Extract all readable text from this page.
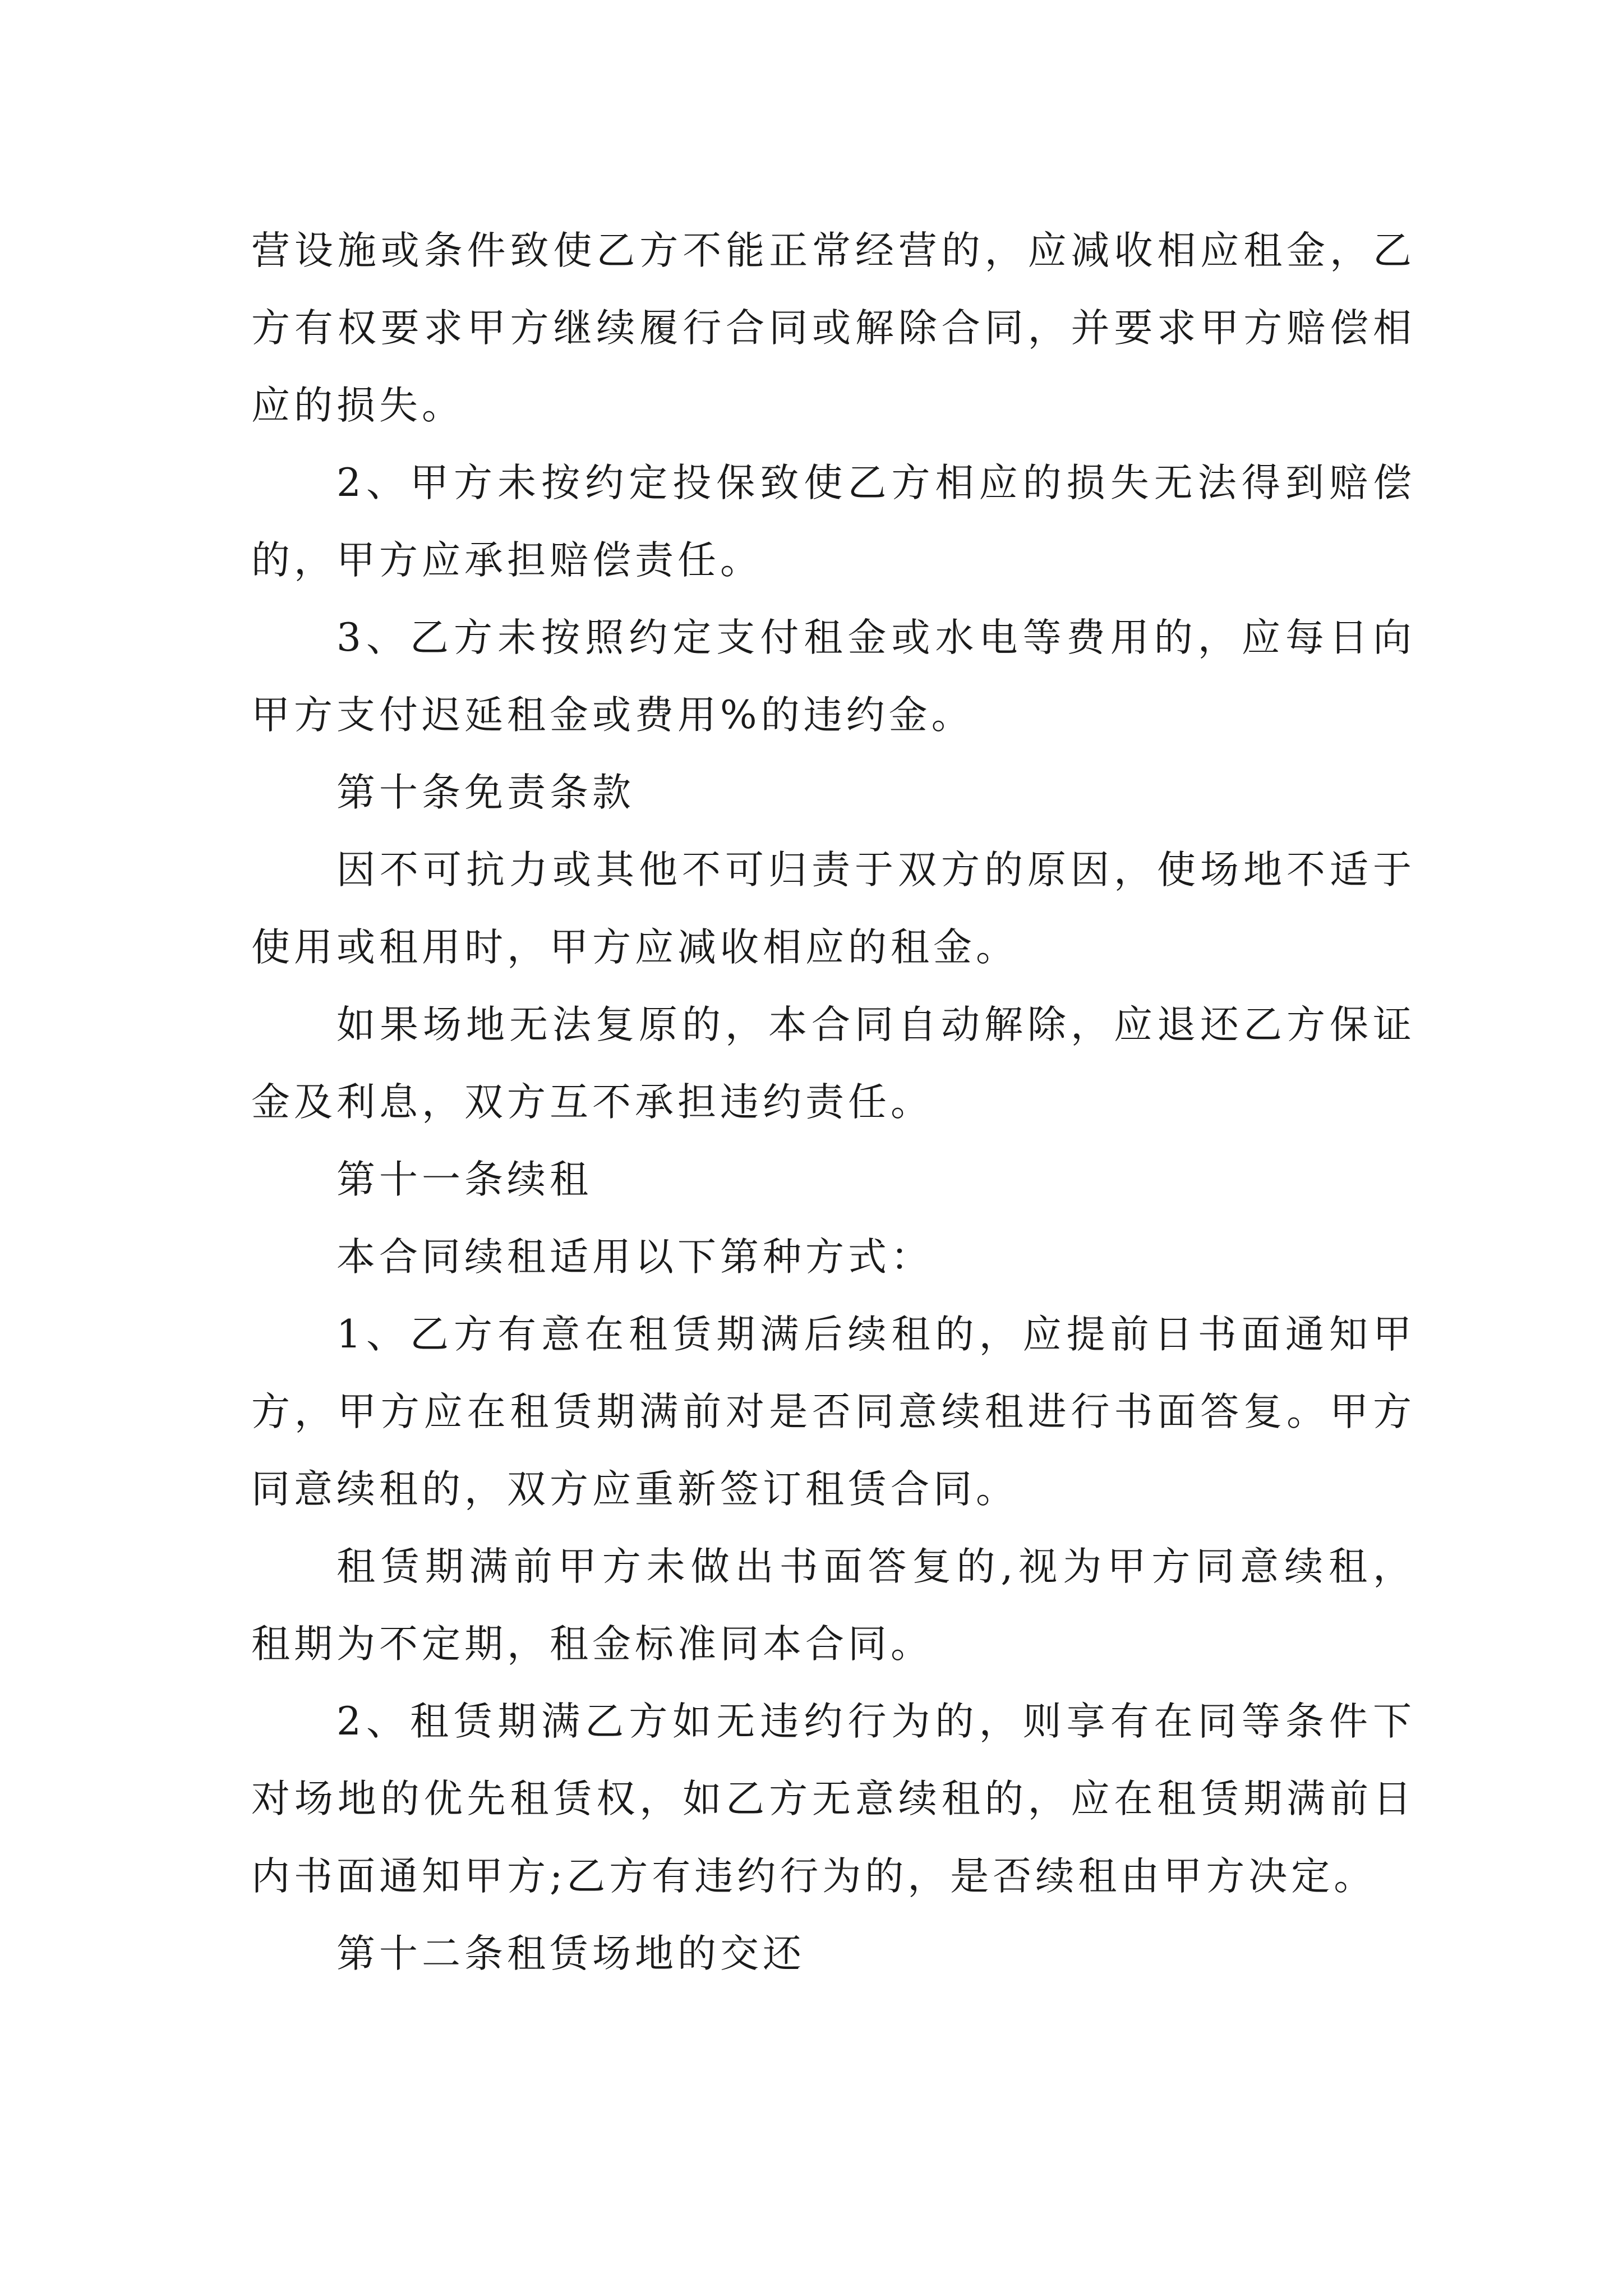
营设施或条件致使乙方不能正常经营的，应减收相应租金，乙方有权要求甲方继续履行合同或解除合同，并要求甲方赔偿相应的损失。

2、甲方未按约定投保致使乙方相应的损失无法得到赔偿的，甲方应承担赔偿责任。

3、乙方未按照约定支付租金或水电等费用的，应每日向甲方支付迟延租金或费用%的违约金。

第十条免责条款

因不可抗力或其他不可归责于双方的原因，使场地不适于使用或租用时，甲方应减收相应的租金。

如果场地无法复原的，本合同自动解除，应退还乙方保证金及利息，双方互不承担违约责任。

第十一条续租

本合同续租适用以下第种方式：

1、乙方有意在租赁期满后续租的，应提前日书面通知甲方，甲方应在租赁期满前对是否同意续租进行书面答复。甲方同意续租的，双方应重新签订租赁合同。

租赁期满前甲方未做出书面答复的,视为甲方同意续租，租期为不定期，租金标准同本合同。

2、租赁期满乙方如无违约行为的，则享有在同等条件下对场地的优先租赁权，如乙方无意续租的，应在租赁期满前日内书面通知甲方;乙方有违约行为的，是否续租由甲方决定。

第十二条租赁场地的交还
